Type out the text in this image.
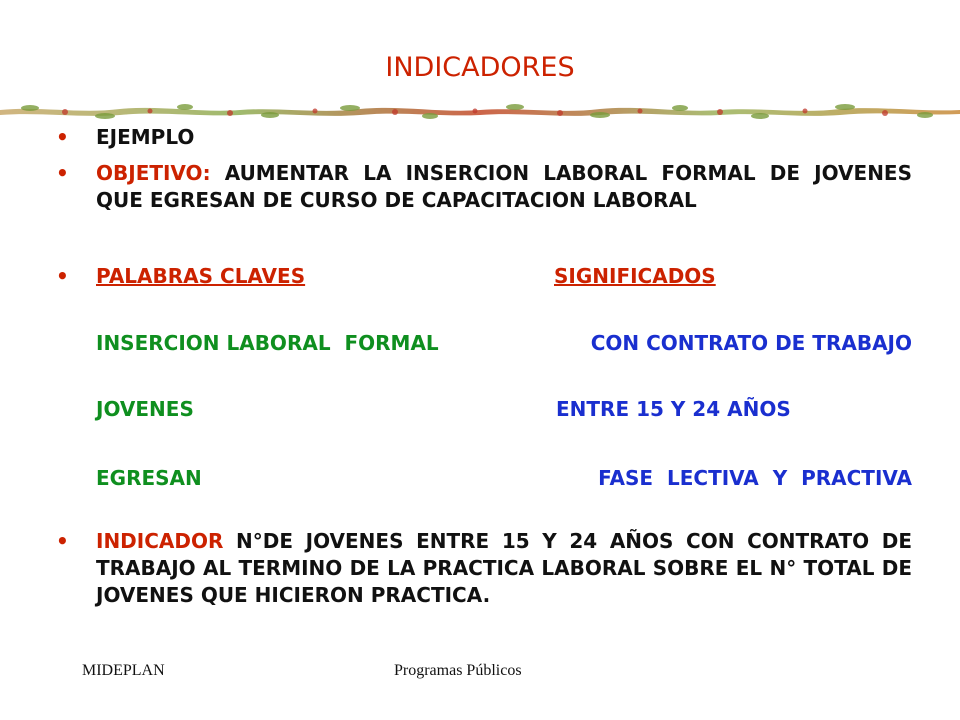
INDICADORES
• EJEMPLO
• OBJETIVO: AUMENTAR LA INSERCION LABORAL FORMAL DE JOVENES QUE EGRESAN DE CURSO DE CAPACITACION LABORAL
• PALABRAS CLAVES	SIGNIFICADOS
INSERCION LABORAL  FORMAL	CON CONTRATO DE TRABAJO
JOVENES	ENTRE 15 Y 24 AÑOS
EGRESAN	FASE  LECTIVA  Y  PRACTIVA
• INDICADOR N°DE JOVENES ENTRE 15 Y 24 AÑOS CON CONTRATO DE TRABAJO AL TERMINO DE LA PRACTICA LABORAL SOBRE EL N° TOTAL DE JOVENES QUE HICIERON PRACTICA.
MIDEPLAN	Programas Públicos
